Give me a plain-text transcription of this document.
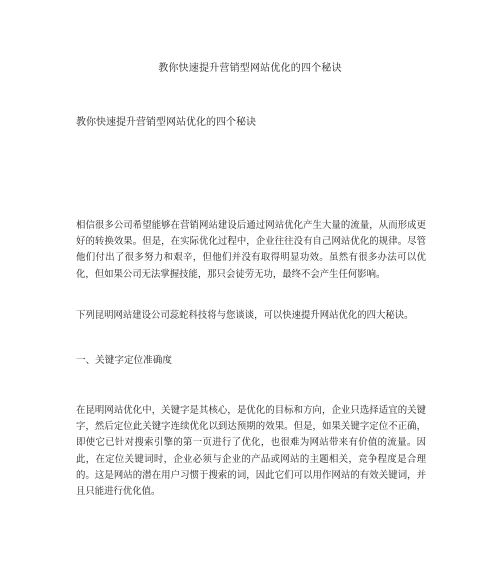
教你快速提升营销型网站优化的四个秘诀
教你快速提升营销型网站优化的四个秘诀

相信很多公司希望能够在营销网站建设后通过网站优化产生大量的流量，从而形成更好的转换效果。但是，在实际优化过程中，企业往往没有自己网站优化的规律。尽管他们付出了很多努力和艰辛，但他们并没有取得明显功效。虽然有很多办法可以优化，但如果公司无法掌握技能，那只会徒劳无功，最终不会产生任何影响。

下列昆明网站建设公司蕊蛇科技将与您谈谈，可以快速提升网站优化的四大秘诀。

一、关键字定位准确度

在昆明网站优化中，关键字是其核心，是优化的目标和方向，企业只选择适宜的关键字，然后定位此关键字连续优化以到达预期的效果。但是，如果关键字定位不正确，即使它已针对搜索引擎的第一页进行了优化，也很难为网站带来有价值的流量。因此，在定位关键词时，企业必须与企业的产品或网站的主题相关，竞争程度是合理的。这是网站的潜在用户习惯于搜索的词，因此它们可以用作网站的有效关键词，并且只能进行优化值。
